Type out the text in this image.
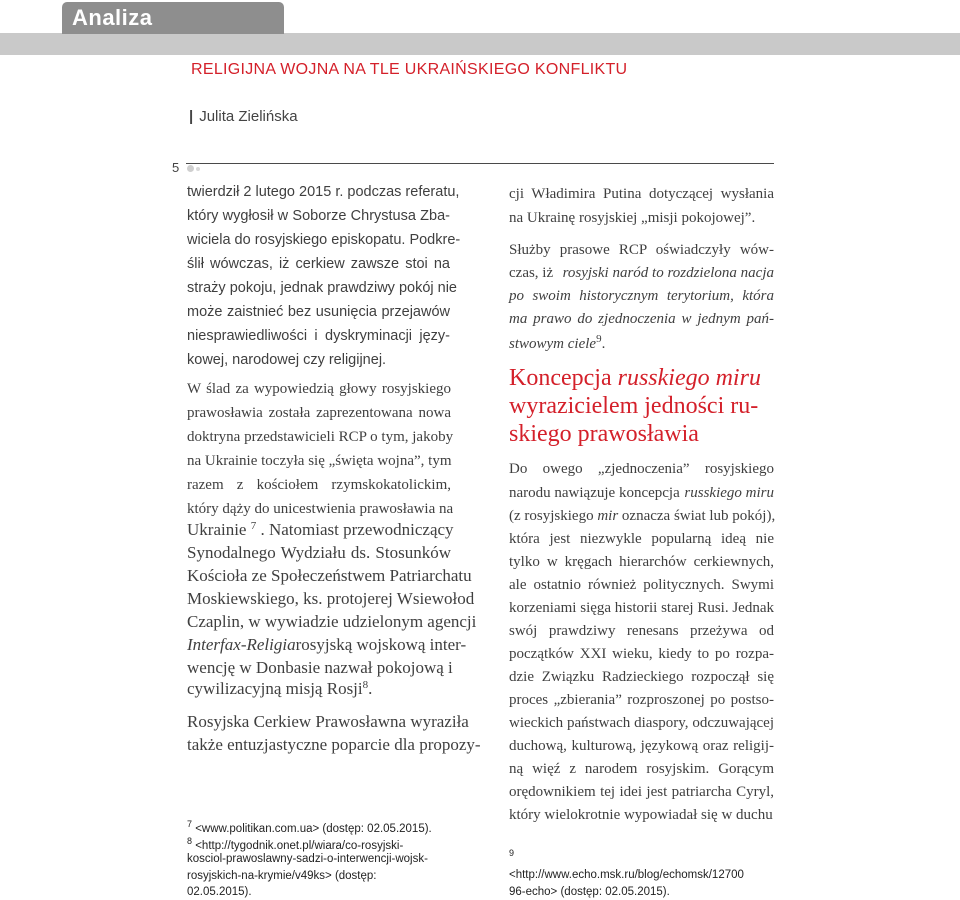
Analiza
RELIGIJNA WOJNA NA TLE UKRAIŃSKIEGO KONFLIKTU
| Julita Zielińska
5
twierdził 2 lutego 2015 r. podczas referatu,
który wygłosił w Soborze Chrystusa Zba-
wiciela do rosyjskiego episkopatu. Podkre-
ślił wówczas, iż cerkiew zawsze stoi na
straży pokoju, jednak prawdziwy pokój nie
może zaistnieć bez usunięcia przejawów
niesprawiedliwości i dyskryminacji języ-
kowej, narodowej czy religijnej.
W ślad za wypowiedzią głowy rosyjskiego
prawosławia została zaprezentowana nowa
doktryna przedstawicieli RCP o tym, jakoby
na Ukrainie toczyła się „święta wojna”, tym
razem z kościołem rzymskokatolickim,
który dąży do unicestwienia prawosławia na
Ukrainie $^7$ . Natomiast przewodniczący
Synodalnego Wydziału ds. Stosunków
Kościoła ze Społeczeństwem Patriarchatu
Moskiewskiego, ks. protojerej Wsiewołod
Czaplin, w wywiadzie udzielonym agencji
Interfax-Religia rosyjską wojskową inter-
wencję w Donbasie nazwał pokojową i
cywilizacyjną misją Rosji$^8$.
Rosyjska Cerkiew Prawosławna wyraziła
także entuzjastyczne poparcie dla propozy-
$^7$ <www.politikan.com.ua> (dostęp: 02.05.2015).
$^8$ <http://tygodnik.onet.pl/wiara/co-rosyjski-
kosciol-prawoslawny-sadzi-o-interwencji-wojsk-
rosyjskich-na-krymie/v49ks> (dostęp:
02.05.2015).
cji Władimira Putina dotyczącej wysłania
na Ukrainę rosyjskiej „misji pokojowej”.
Służby prasowe RCP oświadczyły wów-
czas, iż rosyjski naród to rozdzielona nacja
po swoim historycznym terytorium, która
ma prawo do zjednoczenia w jednym pań-
stwowym ciele$^9$.
Koncepcja russkiego miru
wyrazicielem jedności ru-
skiego prawosławia
Do owego „zjednoczenia” rosyjskiego
narodu nawiązuje koncepcja russkiego miru
(z rosyjskiego mir oznacza świat lub pokój),
która jest niezwykle popularną ideą nie
tylko w kręgach hierarchów cerkiewnych,
ale ostatnio również politycznych. Swymi
korzeniami sięga historii starej Rusi. Jednak
swój prawdziwy renesans przeżywa od
początków XXI wieku, kiedy to po rozpa-
dzie Związku Radzieckiego rozpoczął się
proces „zbierania” rozproszonej po postso-
wieckich państwach diaspory, odczuwającej
duchową, kulturową, językową oraz religij-
ną więź z narodem rosyjskim. Gorącym
orędownikiem tej idei jest patriarcha Cyryl,
który wielokrotnie wypowiadał się w duchu
9
<http://www.echo.msk.ru/blog/echomsk/12700
96-echo> (dostęp: 02.05.2015).
